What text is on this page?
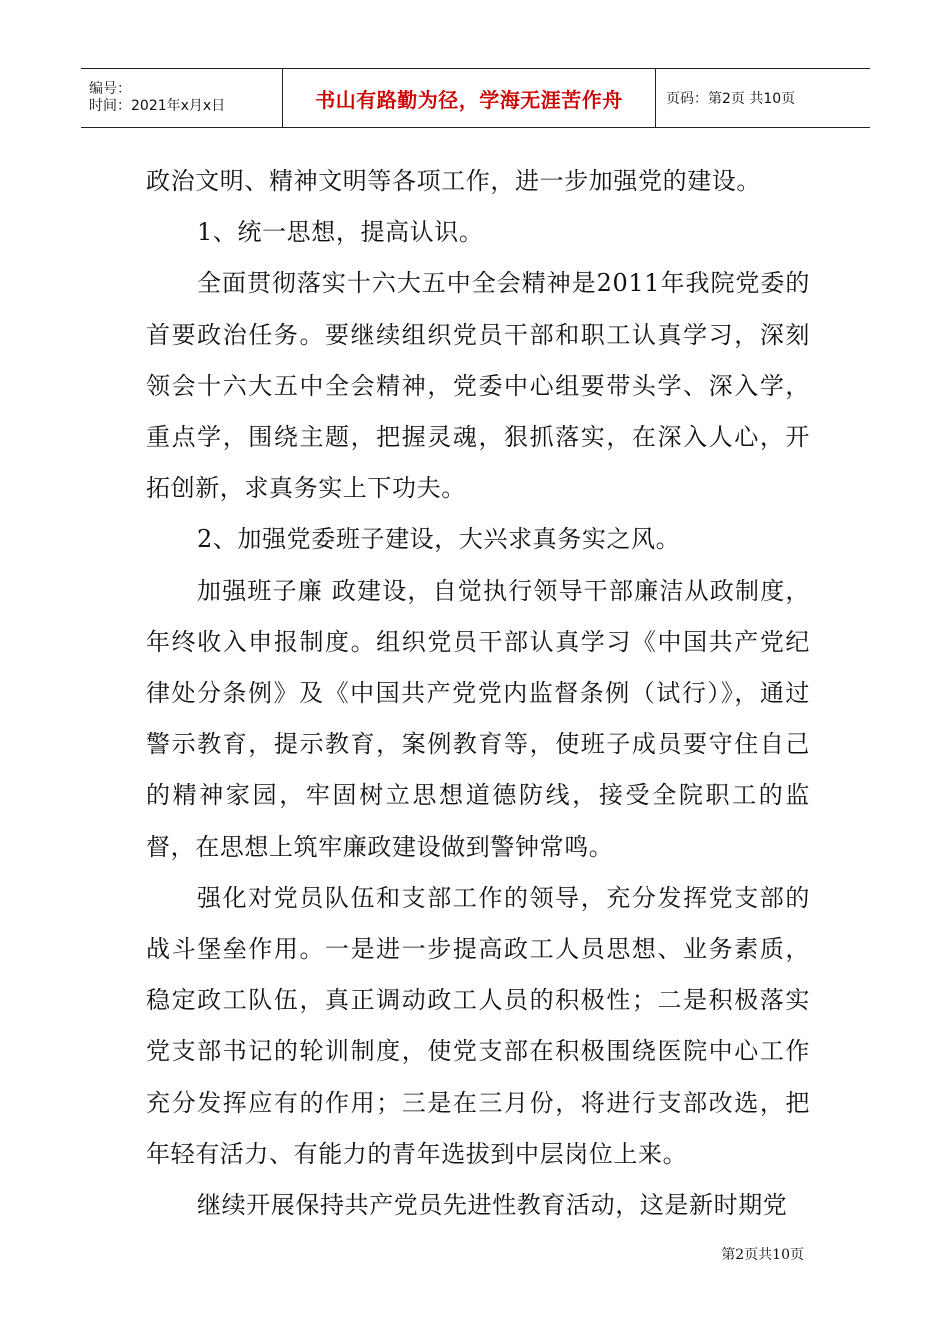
编号：
时间：2021年x月x日	书山有路勤为径，学海无涯苦作舟	页码：第2页 共10页

政治文明、精神文明等各项工作，进一步加强党的建设。

1、统一思想，提高认识。

全面贯彻落实十六大五中全会精神是2011年我院党委的首要政治任务。要继续组织党员干部和职工认真学习，深刻领会十六大五中全会精神，党委中心组要带头学、深入学，重点学，围绕主题，把握灵魂，狠抓落实，在深入人心，开拓创新，求真务实上下功夫。

2、加强党委班子建设，大兴求真务实之风。

加强班子廉 政建设，自觉执行领导干部廉洁从政制度，年终收入申报制度。组织党员干部认真学习《中国共产党纪律处分条例》及《中国共产党党内监督条例（试行）》，通过警示教育，提示教育，案例教育等，使班子成员要守住自己的精神家园，牢固树立思想道德防线，接受全院职工的监督，在思想上筑牢廉政建设做到警钟常鸣。

强化对党员队伍和支部工作的领导，充分发挥党支部的战斗堡垒作用。一是进一步提高政工人员思想、业务素质，稳定政工队伍，真正调动政工人员的积极性；二是积极落实党支部书记的轮训制度，使党支部在积极围绕医院中心工作充分发挥应有的作用；三是在三月份，将进行支部改选，把年轻有活力、有能力的青年选拔到中层岗位上来。

继续开展保持共产党员先进性教育活动，这是新时期党

第2页共10页
